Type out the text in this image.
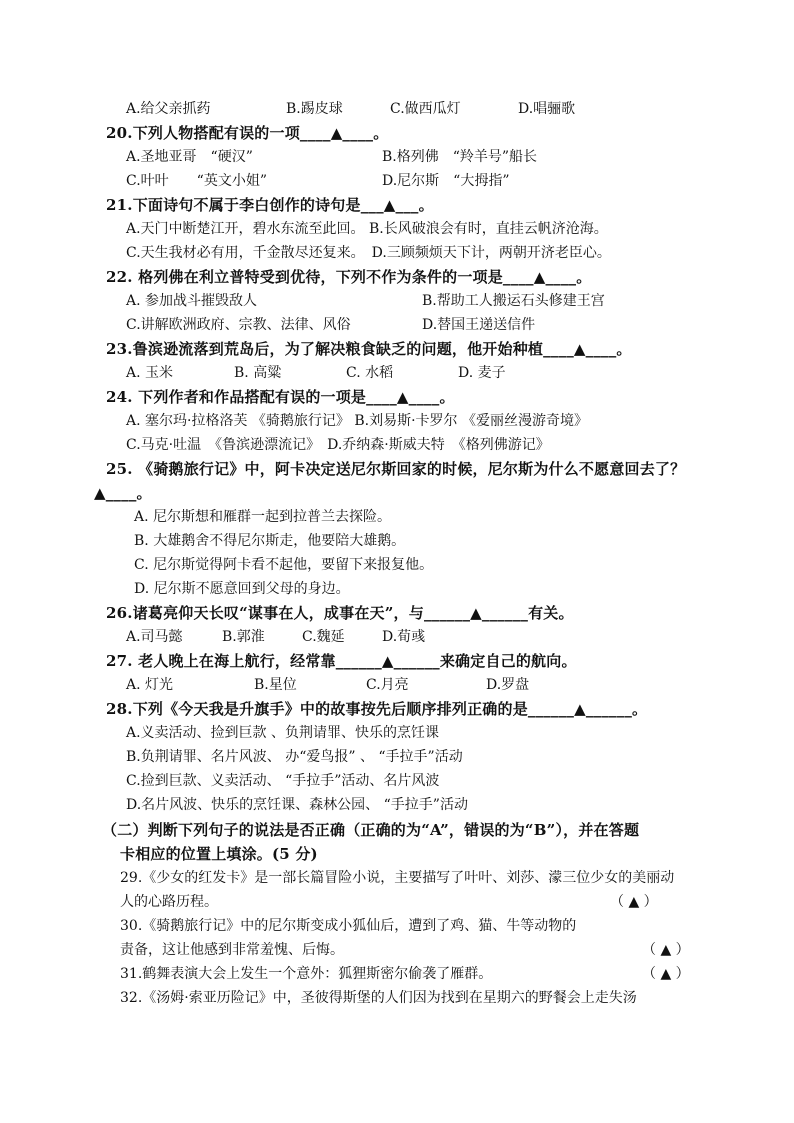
A.给父亲抓药	B.踢皮球	C.做西瓜灯	D.唱骊歌
20.下列人物搭配有误的一项____▲____。
A.圣地亚哥　“硬汉”	B.格列佛　“羚羊号”船长
C.叶叶　　“英文小姐”	D.尼尔斯　“大拇指”
21.下面诗句不属于李白创作的诗句是___▲___。
A.天门中断楚江开，碧水东流至此回。 B.长风破浪会有时，直挂云帆济沧海。
C.天生我材必有用，千金散尽还复来。　D.三顾频烦天下计，两朝开济老臣心。
22. 格列佛在利立普特受到优待，下列不作为条件的一项是____▲____。
A. 参加战斗摧毁敌人	B.帮助工人搬运石头修建王宫
C.讲解欧洲政府、宗教、法律、风俗	D.替国王递送信件
23.鲁滨逊流落到荒岛后，为了解决粮食缺乏的问题，他开始种植____▲____。
A. 玉米	B. 高粱	C. 水稻	D. 麦子
24. 下列作者和作品搭配有误的一项是____▲____。
A. 塞尔玛·拉格洛芙 《骑鹅旅行记》 B.刘易斯·卡罗尔 《爱丽丝漫游奇境》
C.马克·吐温　《鲁滨逊漂流记》　D.乔纳森·斯威夫特　《格列佛游记》
25. 《骑鹅旅行记》中，阿卡决定送尼尔斯回家的时候，尼尔斯为什么不愿意回去了？
▲____。
A. 尼尔斯想和雁群一起到拉普兰去探险。
B. 大雄鹅舍不得尼尔斯走，他要陪大雄鹅。
C. 尼尔斯觉得阿卡看不起他，要留下来报复他。
D. 尼尔斯不愿意回到父母的身边。
26.诸葛亮仰天长叹“谋事在人，成事在天”，与______▲______有关。
A.司马懿	B.郭淮	C.魏延	D.荀彧
27. 老人晚上在海上航行，经常靠______▲______来确定自己的航向。
A. 灯光	B.星位	C.月亮	D.罗盘
28.下列《今天我是升旗手》中的故事按先后顺序排列正确的是______▲______。
A.义卖活动、捡到巨款 、负荆请罪、快乐的烹饪课
B.负荆请罪、名片风波、 办“爱鸟报” 、 “手拉手”活动
C.捡到巨款、义卖活动、 “手拉手”活动、名片风波
D.名片风波、快乐的烹饪课、森林公园、 “手拉手”活动
（二）判断下列句子的说法是否正确（正确的为“A”，错误的为“B”），并在答题
卡相应的位置上填涂。(5 分)
29.《少女的红发卡》是一部长篇冒险小说，主要描写了叶叶、刘莎、濛三位少女的美丽动
人的心路历程。	（ ▲ ）
30.《骑鹅旅行记》中的尼尔斯变成小狐仙后，遭到了鸡、猫、牛等动物的
责备，这让他感到非常羞愧、后悔。	（ ▲ ）
31.鹤舞表演大会上发生一个意外：狐狸斯密尔偷袭了雁群。	（ ▲ ）
32.《汤姆·索亚历险记》中，圣彼得斯堡的人们因为找到在星期六的野餐会上走失汤
